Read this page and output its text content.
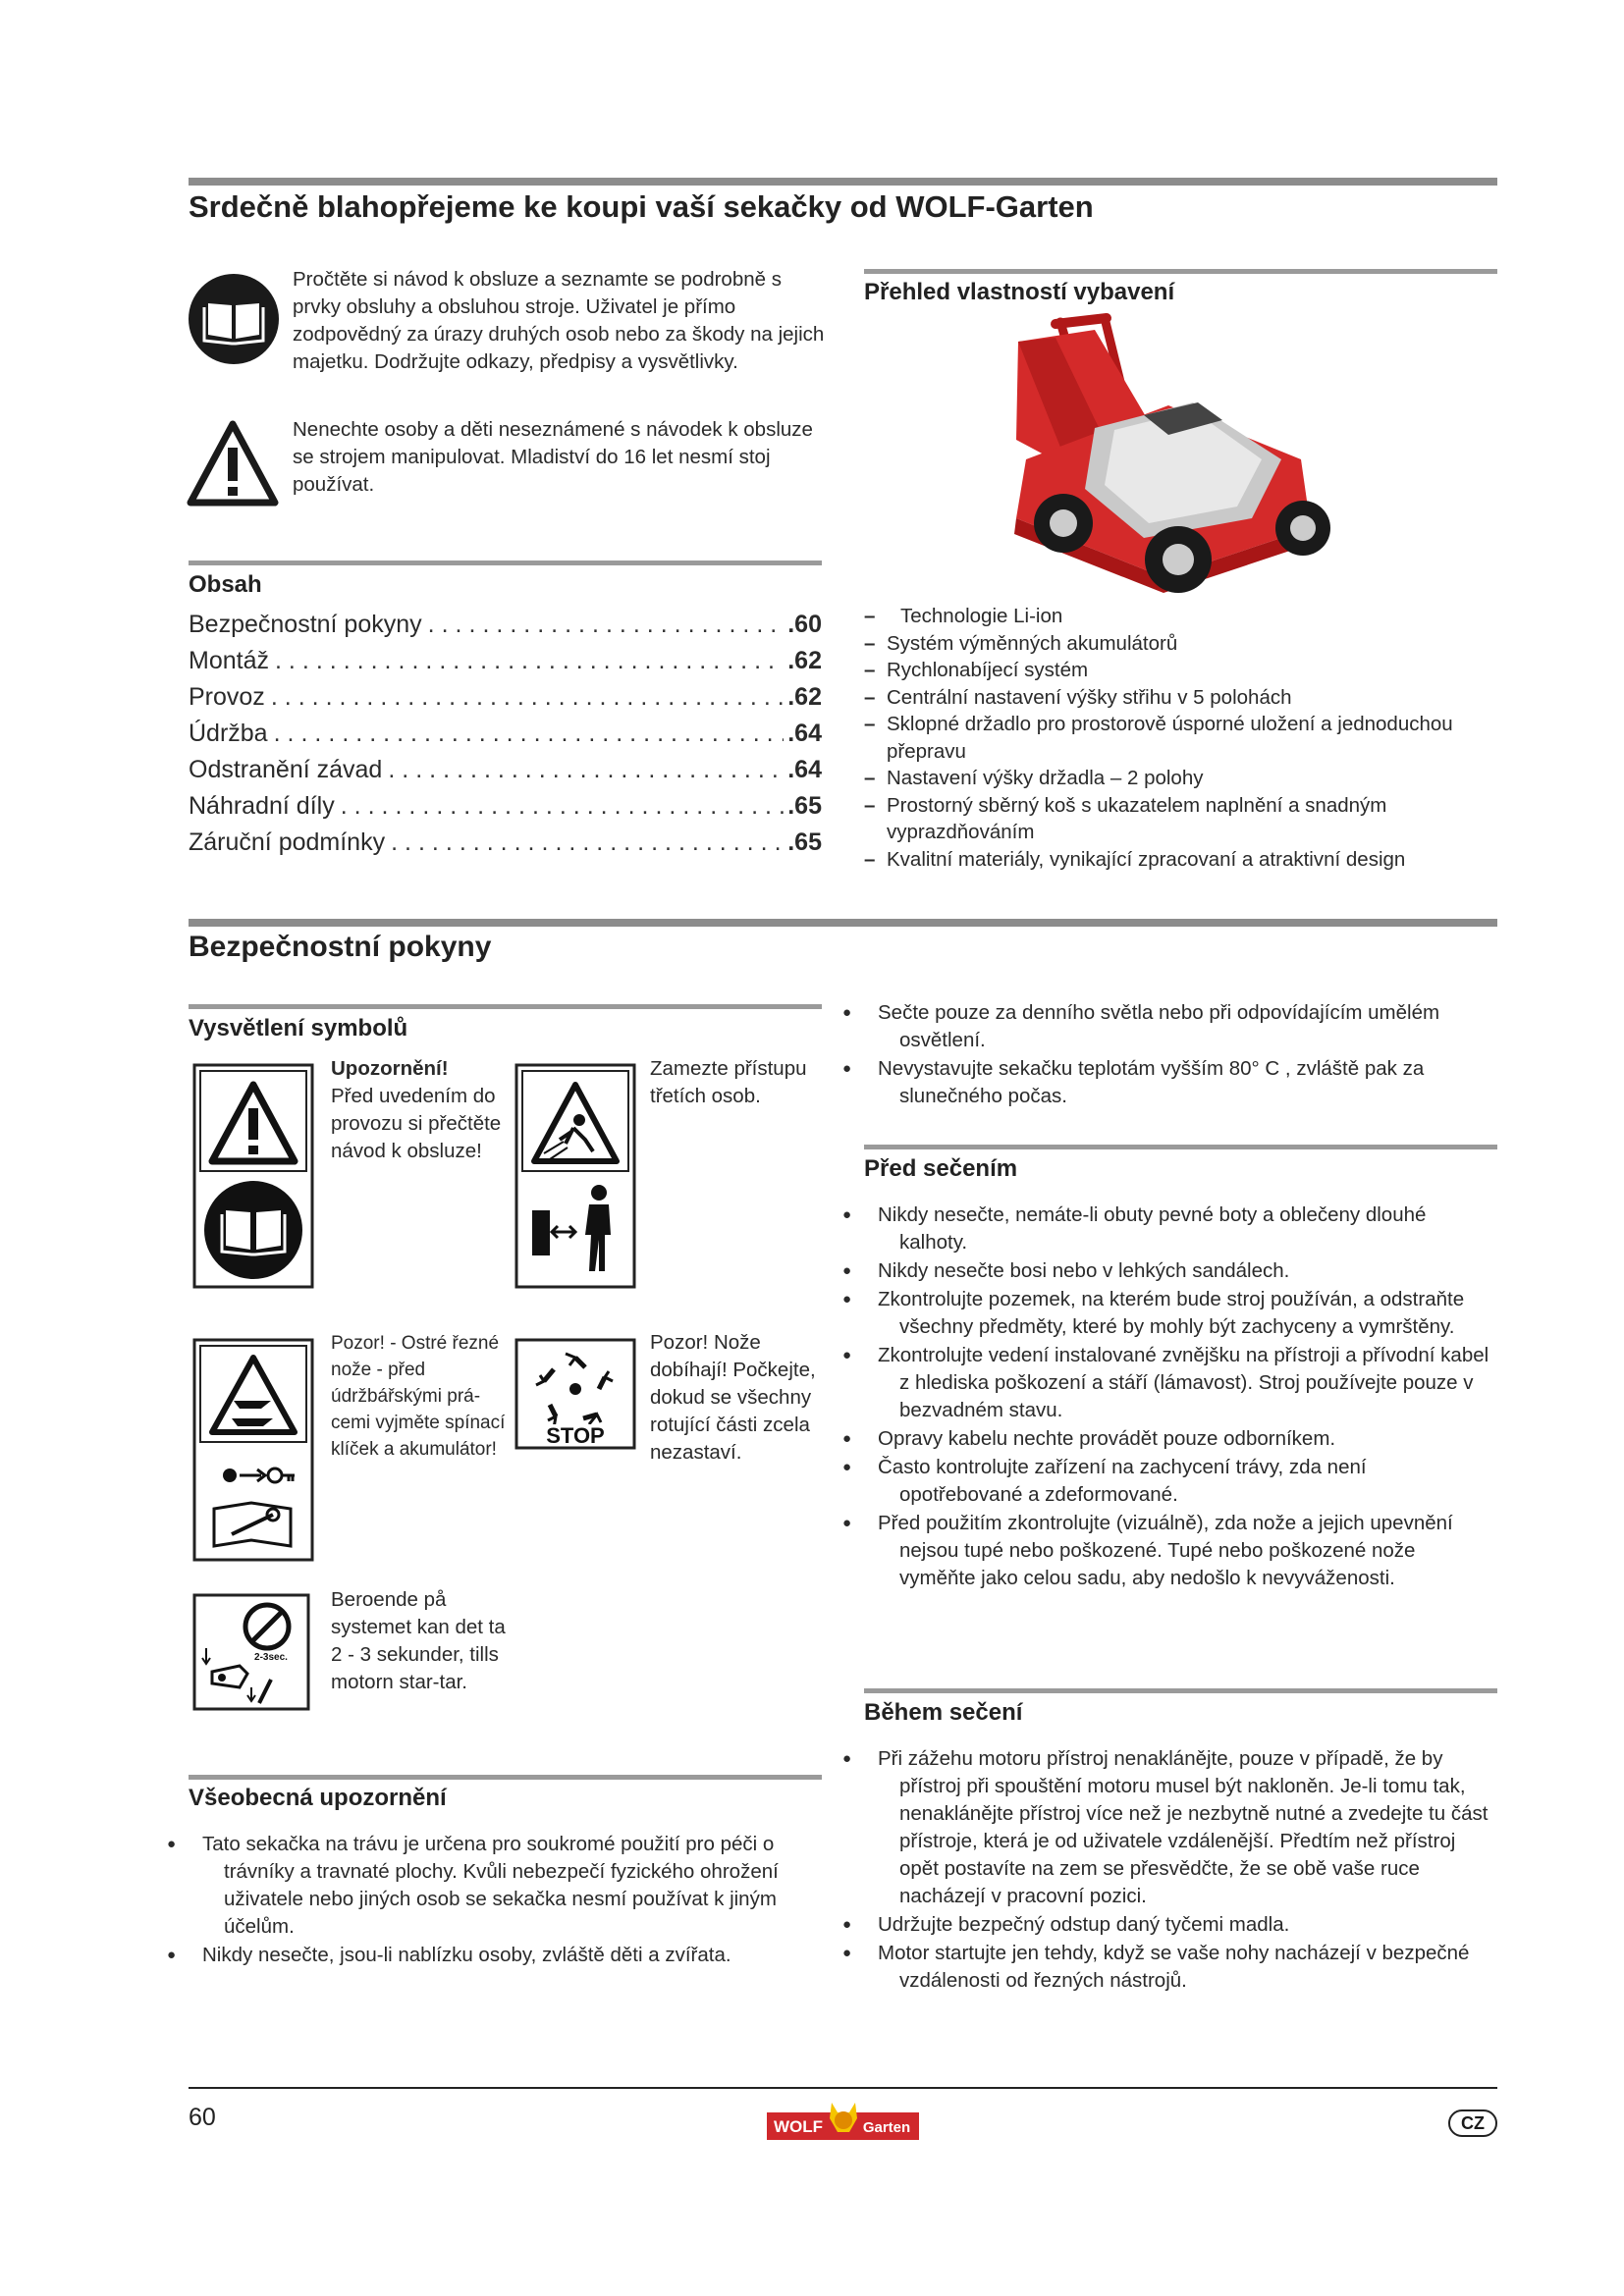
Srdečně blahopřejeme ke koupi vaší sekačky od WOLF-Garten
Pročtěte si návod k obsluze a seznamte se podrobně s prvky obsluhy a obsluhou stroje. Uživatel je přímo zodpovědný za úrazy druhých osob nebo za škody na jejich majetku. Dodržujte odkazy, předpisy a vysvětlivky.
Nenechte osoby a děti neseznámené s návodek k obsluze se strojem manipulovat. Mladiství do 16 let nesmí stoj používat.
Obsah
Bezpečnostní pokyny .....	.60
Montáž .....	.62
Provoz .....	.62
Údržba .....	.64
Odstranění závad .....	.64
Náhradní díly .....	.65
Záruční podmínky .....	.65
Přehled vlastností vybavení
– Technologie Li-ion
– Systém výměnných akumulátorů
– Rychlonabíjecí systém
– Centrální nastavení výšky střihu v 5 polohách
– Sklopné držadlo pro prostorově úsporné uložení a jednoduchou přepravu
– Nastavení výšky držadla – 2 polohy
– Prostorný sběrný koš s ukazatelem naplnění a snadným vyprazdňováním
– Kvalitní materiály, vynikající zpracovaní a atraktivní design
Bezpečnostní pokyny
Vysvětlení symbolů
Upozornění!
Před uvedením do provozu si přečtěte návod k obsluze!
Zamezte přístupu třetích osob.
Pozor! - Ostré řezné nože - před údržbářskými prá-cemi vyjměte spínací klíček a akumulátor!
STOP
Pozor! Nože dobíhají! Počkejte, dokud se všechny rotující části zcela nezastaví.
2-3sec.
Beroende på systemet kan det ta 2 - 3 sekunder, tills motorn star-tar.
Všeobecná upozornění
● Tato sekačka na trávu je určena pro soukromé použití pro péči o trávníky a travnaté plochy. Kvůli nebezpečí fyzického ohrožení uživatele nebo jiných osob se sekačka nesmí používat k jiným účelům.
● Nikdy nesečte, jsou-li nablízku osoby, zvláště děti a zvířata.
● Sečte pouze za denního světla nebo při odpovídajícím umělém osvětlení.
● Nevystavujte sekačku teplotám vyšším 80° C , zvláště pak za slunečného počas.
Před sečením
● Nikdy nesečte, nemáte-li obuty pevné boty a oblečeny dlouhé kalhoty.
● Nikdy nesečte bosi nebo v lehkých sandálech.
● Zkontrolujte pozemek, na kterém bude stroj používán, a odstraňte všechny předměty, které by mohly být zachyceny a vymrštěny.
● Zkontrolujte vedení instalované zvnějšku na přístroji a přívodní kabel z hlediska poškození a stáří (lámavost). Stroj používejte pouze v bezvadném stavu.
● Opravy kabelu nechte provádět pouze odborníkem.
● Často kontrolujte zařízení na zachycení trávy, zda není opotřebované a zdeformované.
● Před použitím zkontrolujte (vizuálně), zda nože a jejich upevnění nejsou tupé nebo poškozené. Tupé nebo poškozené nože vyměňte jako celou sadu, aby nedošlo k nevyváženosti.
Během sečení
● Při zážehu motoru přístroj nenaklánějte, pouze v případě, že by přístroj při spouštění motoru musel být nakloněn. Je-li tomu tak, nenaklánějte přístroj více než je nezbytně nutné a zvedejte tu část přístroje, která je od uživatele vzdálenější. Předtím než přístroj opět postavíte na zem se přesvědčte, že se obě vaše ruce nacházejí v pracovní pozici.
● Udržujte bezpečný odstup daný tyčemi madla.
● Motor startujte jen tehdy, když se vaše nohy nacházejí v bezpečné vzdálenosti od řezných nástrojů.
60	WOLF	Garten	CZ
